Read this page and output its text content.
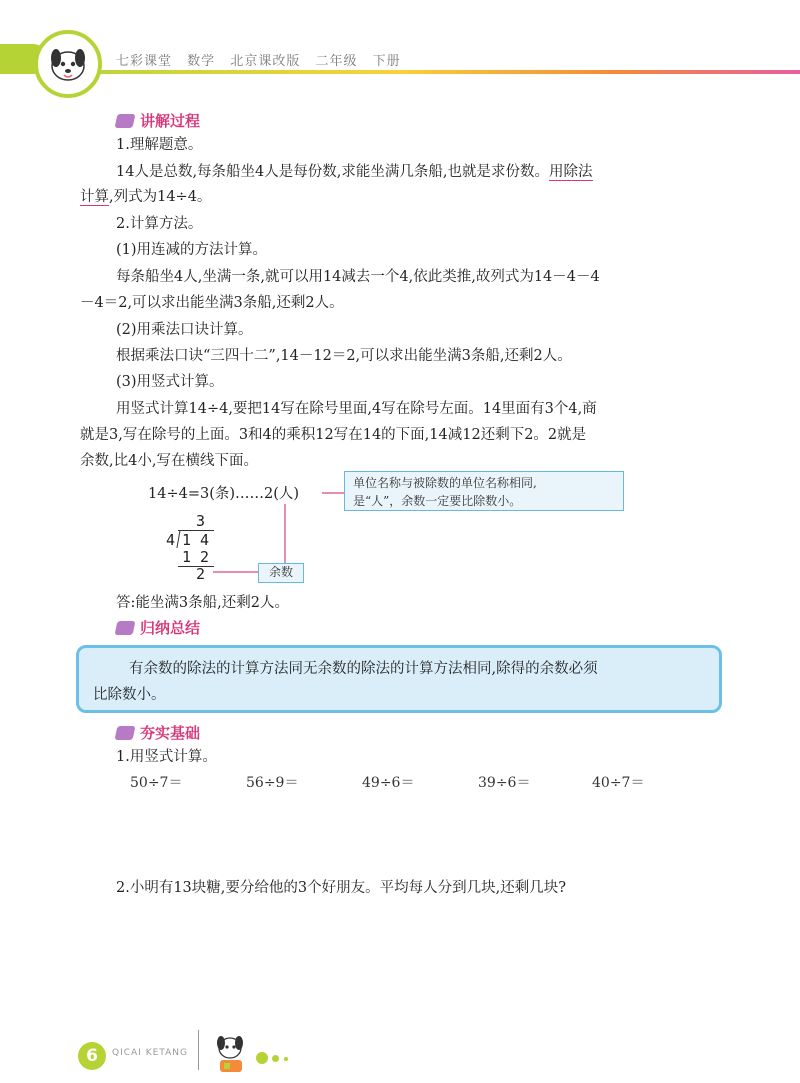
七彩课堂 数学 北京课改版 二年级 下册
讲解过程
1.理解题意。
14人是总数,每条船坐4人是每份数,求能坐满几条船,也就是求份数。用除法
计算,列式为14÷4。
2.计算方法。
(1)用连减的方法计算。
每条船坐4人,坐满一条,就可以用14减去一个4,依此类推,故列式为14－4－4
－4＝2,可以求出能坐满3条船,还剩2人。
(2)用乘法口诀计算。
根据乘法口诀“三四十二”,14－12＝2,可以求出能坐满3条船,还剩2人。
(3)用竖式计算。
用竖式计算14÷4,要把14写在除号里面,4写在除号左面。14里面有3个4,商
就是3,写在除号的上面。3和4的乘积12写在14的下面,14减12还剩下2。2就是
余数,比4小,写在横线下面。
14÷4=3(条)……2(人)
单位名称与被除数的单位名称相同,
是“人”，余数一定要比除数小。
余数
3
4 1 4
1 2
2
答:能坐满3条船,还剩2人。
归纳总结
有余数的除法的计算方法同无余数的除法的计算方法相同,除得的余数必须
比除数小。
夯实基础
1.用竖式计算。
50÷7＝	56÷9＝	49÷6＝	39÷6＝	40÷7＝
2.小明有13块糖,要分给他的3个好朋友。平均每人分到几块,还剩几块?
6	QICAI KETANG
